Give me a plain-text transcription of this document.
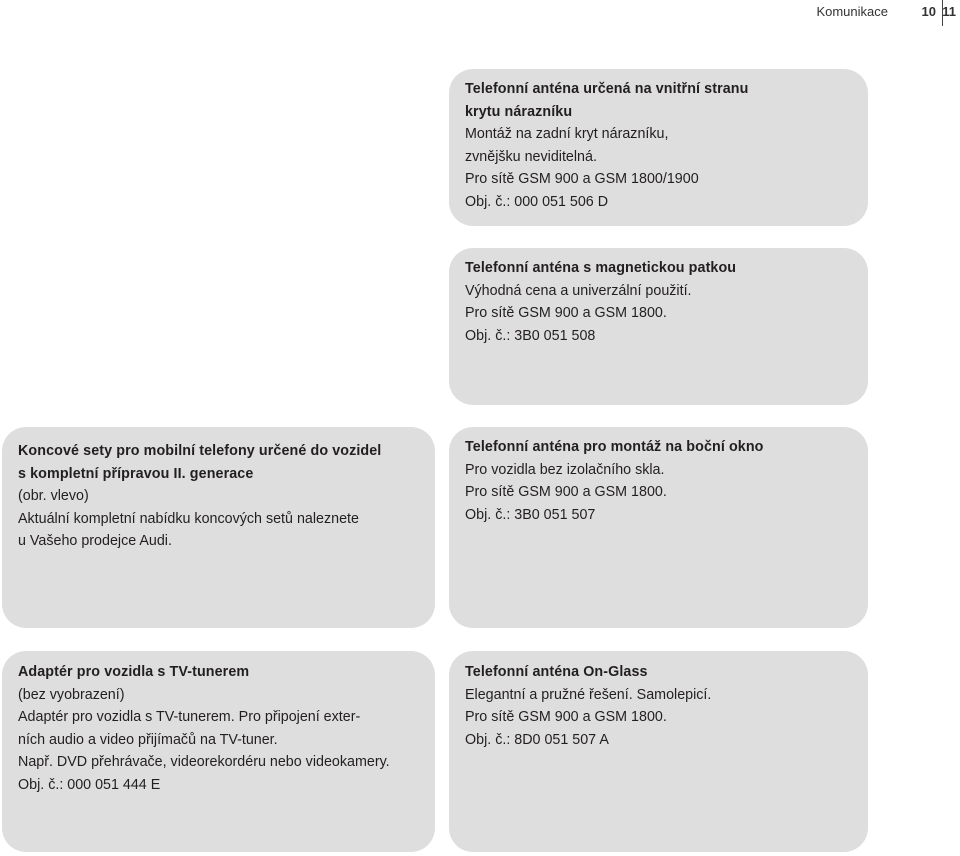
Komunikace	10 11
Telefonní anténa určená na vnitřní stranu
krytu nárazníku
Montáž na zadní kryt nárazníku,
zvnějšku neviditelná.
Pro sítě GSM 900 a GSM 1800/1900
Obj. č.: 000 051 506 D
Telefonní anténa s magnetickou patkou
Výhodná cena a univerzální použití.
Pro sítě GSM 900 a GSM 1800.
Obj. č.: 3B0 051 508
Koncové sety pro mobilní telefony určené do vozidel
s kompletní přípravou II. generace
(obr. vlevo)
Aktuální kompletní nabídku koncových setů naleznete
u Vašeho prodejce Audi.
Telefonní anténa pro montáž na boční okno
Pro vozidla bez izolačního skla.
Pro sítě GSM 900 a GSM 1800.
Obj. č.: 3B0 051 507
Adaptér pro vozidla s TV-tunerem
(bez vyobrazení)
Adaptér pro vozidla s TV-tunerem. Pro připojení exter-
ních audio a video přijímačů na TV-tuner.
Např. DVD přehrávače, videorekordéru nebo videokamery.
Obj. č.: 000 051 444 E
Telefonní anténa On-Glass
Elegantní a pružné řešení. Samolepicí.
Pro sítě GSM 900 a GSM 1800.
Obj. č.: 8D0 051 507 A
